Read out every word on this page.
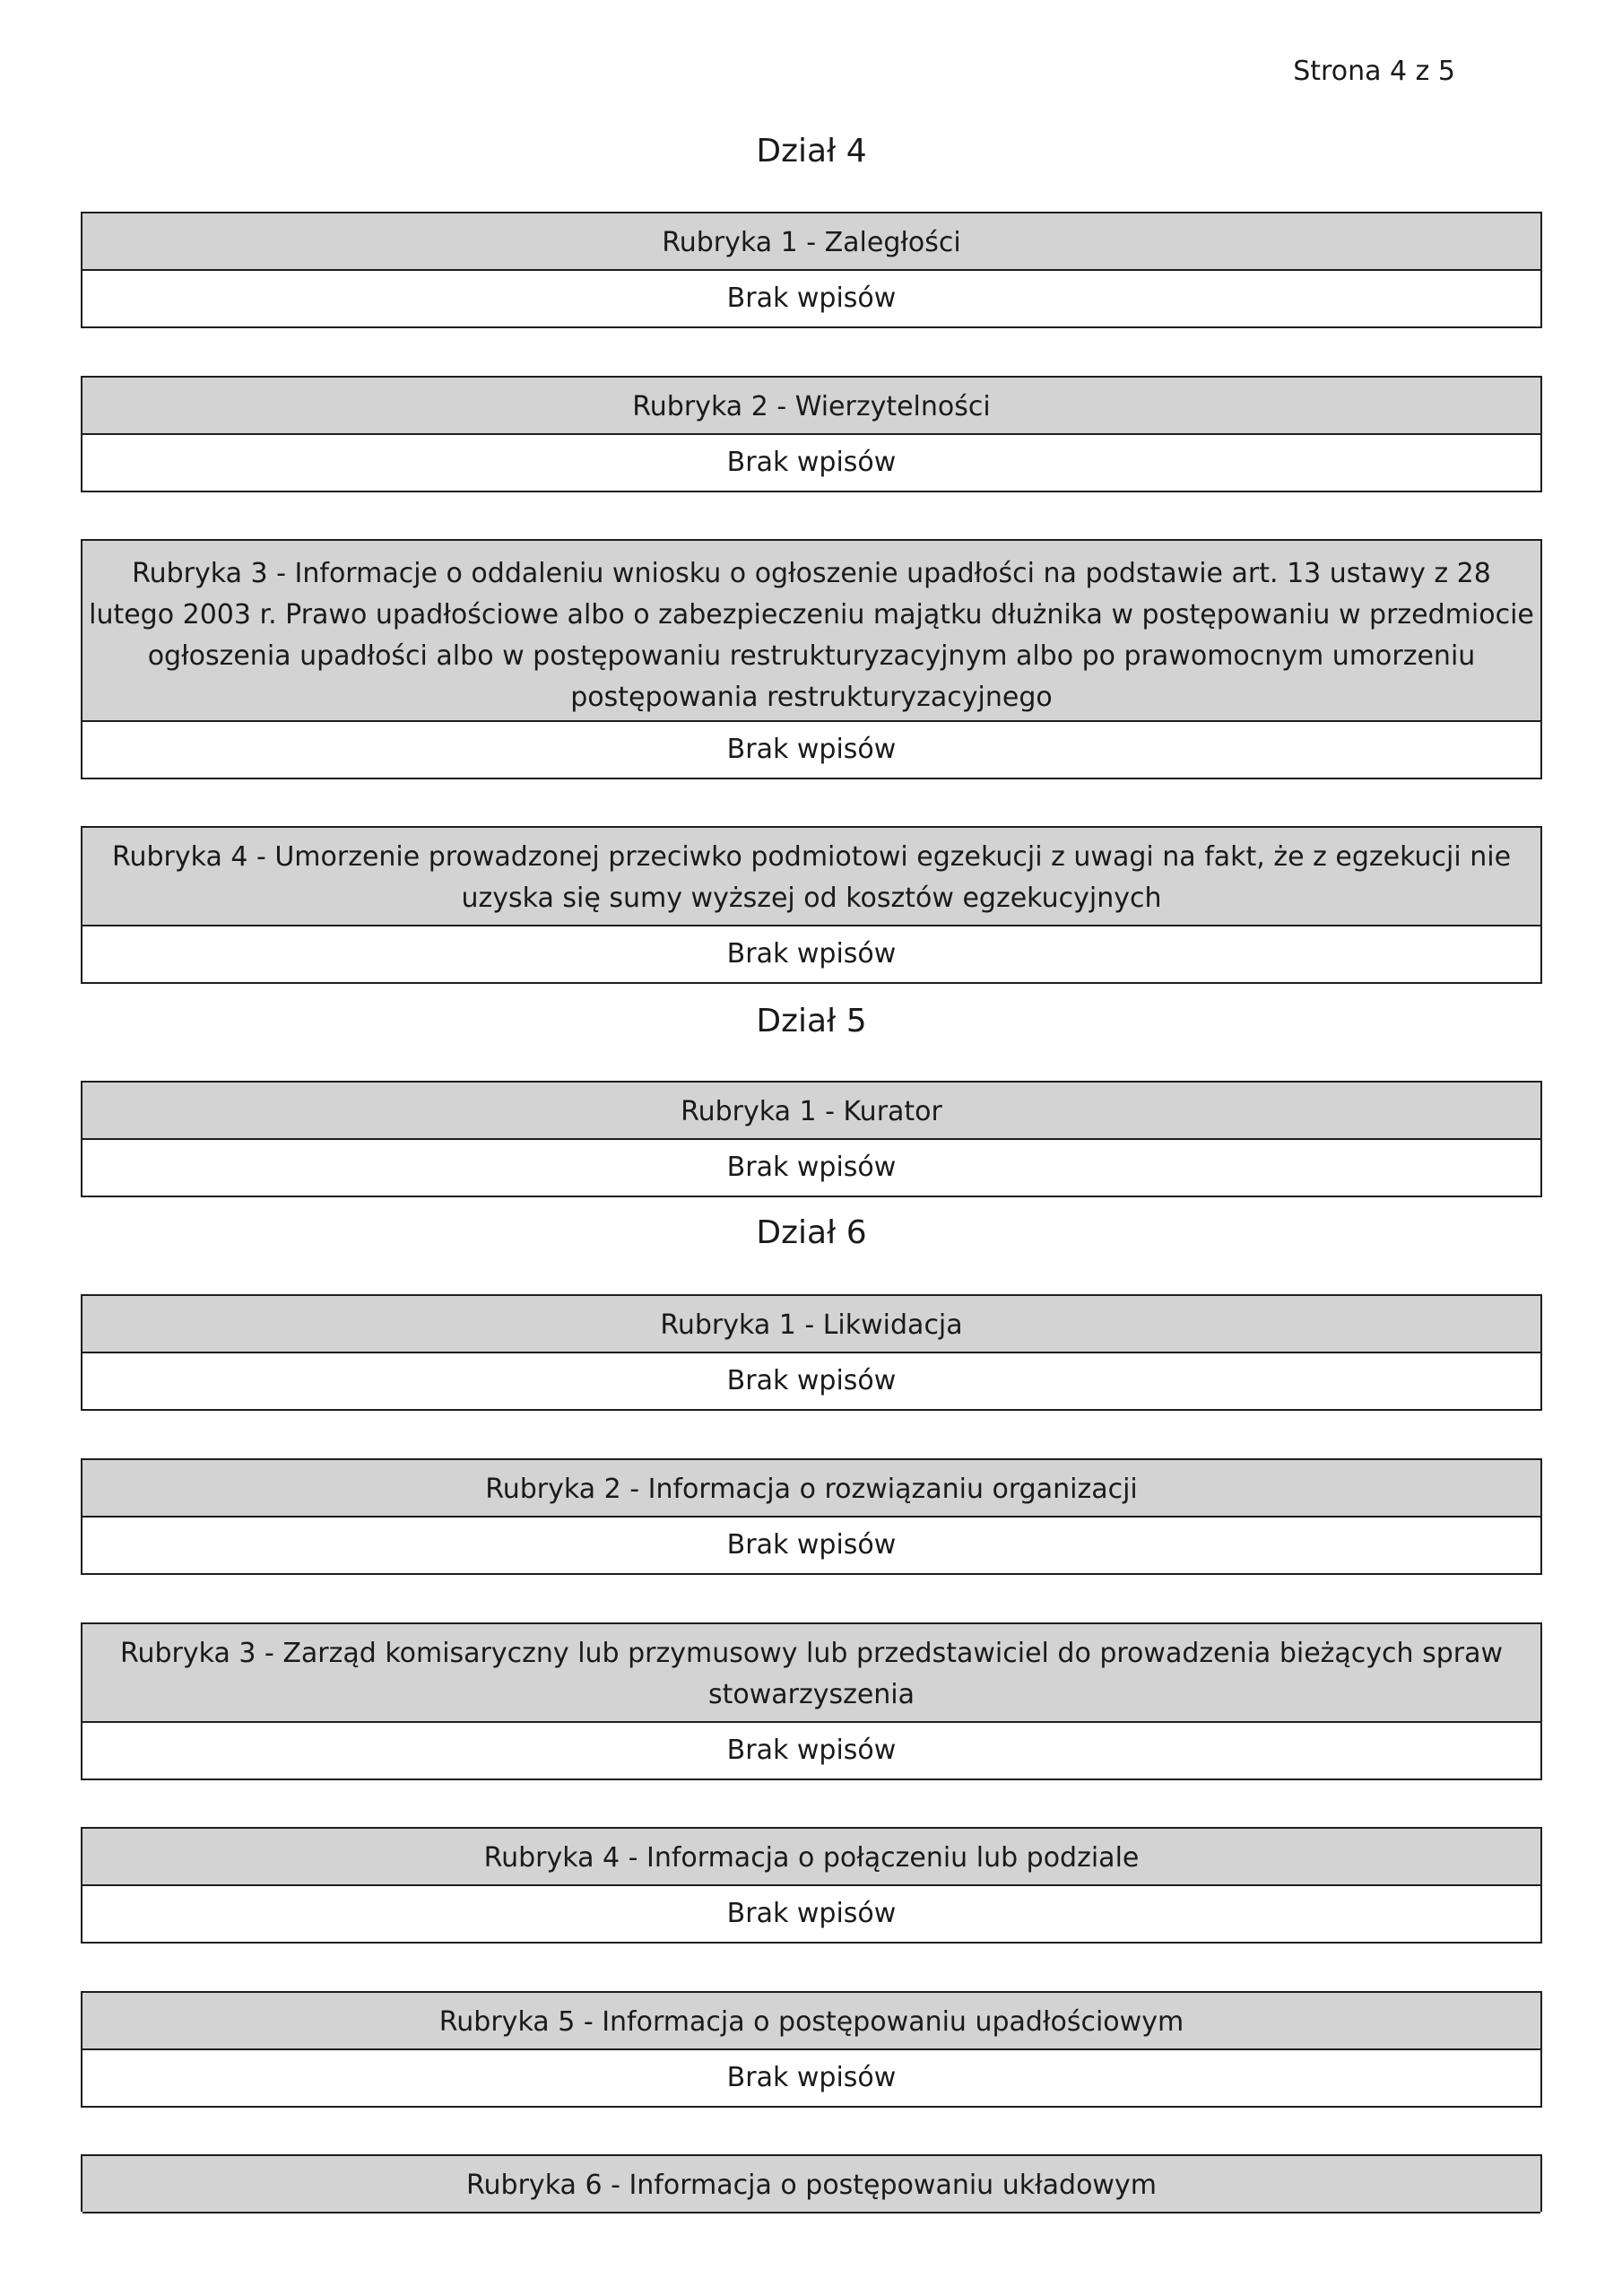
Strona 4 z 5
Dział 4
Rubryka 1 - Zaległości
Brak wpisów
Rubryka 2 - Wierzytelności
Brak wpisów
Rubryka 3 - Informacje o oddaleniu wniosku o ogłoszenie upadłości na podstawie art. 13 ustawy z 28 lutego 2003 r. Prawo upadłościowe albo o zabezpieczeniu majątku dłużnika w postępowaniu w przedmiocie ogłoszenia upadłości albo w postępowaniu restrukturyzacyjnym albo po prawomocnym umorzeniu postępowania restrukturyzacyjnego
Brak wpisów
Rubryka 4 - Umorzenie prowadzonej przeciwko podmiotowi egzekucji z uwagi na fakt, że z egzekucji nie uzyska się sumy wyższej od kosztów egzekucyjnych
Brak wpisów
Dział 5
Rubryka 1 - Kurator
Brak wpisów
Dział 6
Rubryka 1 - Likwidacja
Brak wpisów
Rubryka 2 - Informacja o rozwiązaniu organizacji
Brak wpisów
Rubryka 3 - Zarząd komisaryczny lub przymusowy lub przedstawiciel do prowadzenia bieżących spraw stowarzyszenia
Brak wpisów
Rubryka 4 - Informacja o połączeniu lub podziale
Brak wpisów
Rubryka 5 - Informacja o postępowaniu upadłościowym
Brak wpisów
Rubryka 6 - Informacja o postępowaniu układowym
